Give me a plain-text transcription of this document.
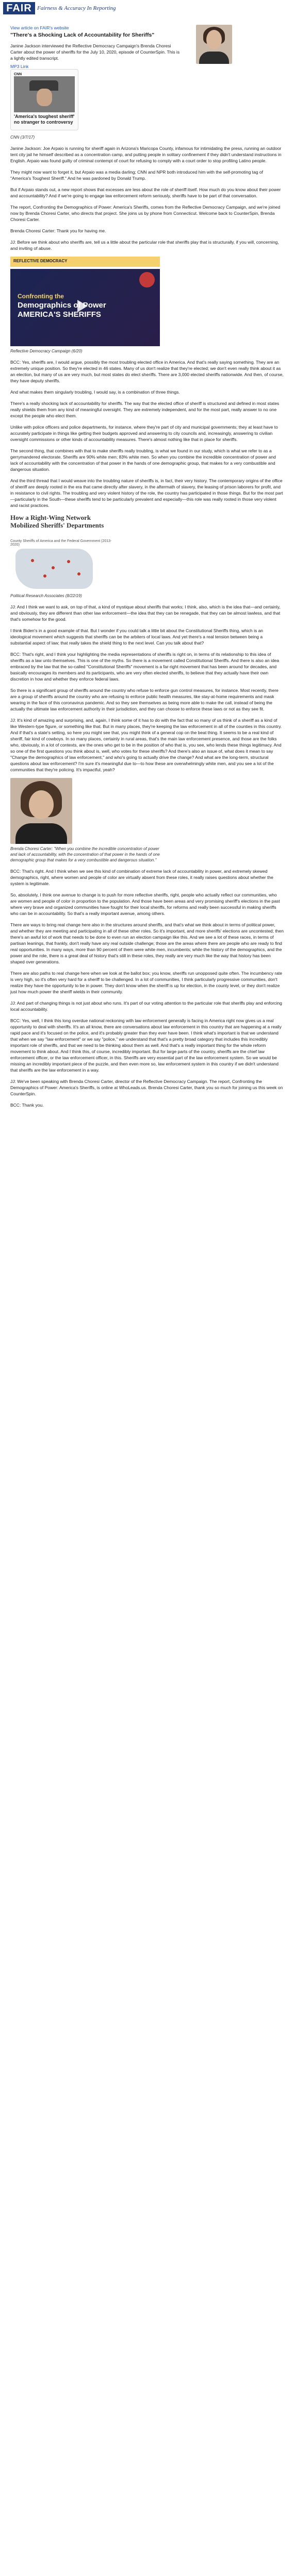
FAIR Fairness & Accuracy In Reporting
View article on FAIR's website
"There's a Shocking Lack of Accountability for Sheriffs"
Janine Jackson interviewed the Reflective Democracy Campaign's Brenda Choresi Carter about the power of sheriffs for the July 10, 2020, episode of CounterSpin. This is a lightly edited transcript.
MP3 Link
CNN
'America's toughest sheriff' no stranger to controversy
CNN (3/7/17)

Janine Jackson: Joe Arpaio is running for sheriff again in Arizona's Maricopa County, infamous for intimidating the press, running an outdoor tent city jail he himself described as a concentration camp, and putting people in solitary confinement if they didn't understand instructions in English. Arpaio was found guilty of criminal contempt of court for refusing to comply with a court order to stop profiling Latino people.

They might now want to forget it, but Arpaio was a media darling; CNN and NPR both introduced him with the self-promoting tag of "America's Toughest Sheriff." And he was pardoned by Donald Trump.

But if Arpaio stands out, a new report shows that excesses are less about the role of sheriff itself. How much do you know about their power and accountability? And if we're going to engage law enforcement reform seriously, sheriffs have to be part of that conversation.

The report, Confronting the Demographics of Power: America's Sheriffs, comes from the Reflective Democracy Campaign, and we're joined now by Brenda Choresi Carter, who directs that project. She joins us by phone from Connecticut. Welcome back to CounterSpin, Brenda Choresi Carter.

Brenda Choresi Carter: Thank you for having me.

JJ: Before we think about who sheriffs are, tell us a little about the particular role that sheriffs play that is structurally, if you will, concerning, and inviting of abuse.

REFLECTIVE DEMOCRACY
Confronting the
Demographics of Power
AMERICA'S SHERIFFS
Reflective Democracy Campaign (6/20)

BCC: Yes, sheriffs are, I would argue, possibly the most troubling elected office in America. And that's really saying something. They are an extremely unique position. So they're elected in 46 states. Many of us don't realize that they're elected; we don't even really think about it as an election, but many of us are very much, but most states do elect sheriffs. There are 3,000 elected sheriffs nationwide. And then, of course, they have deputy sheriffs.

And what makes them singularly troubling, I would say, is a combination of three things.

There's a really shocking lack of accountability for sheriffs. The way that the elected office of sheriff is structured and defined in most states really shields them from any kind of meaningful oversight. They are extremely independent, and for the most part, really answer to no one except the people who elect them.

Unlike with police officers and police departments, for instance, where they're part of city and municipal governments; they at least have to accurately participate in things like getting their budgets approved and answering to city councils and, increasingly, answering to civilian oversight commissions or other kinds of accountability measures. There's almost nothing like that in place for sheriffs.

The second thing, that combines with that to make sheriffs really troubling, is what we found in our study, which is what we refer to as a gerrymandered electorate. Sheriffs are 90% white men; 83% white men. So when you combine the incredible concentration of power and lack of accountability with the concentration of that power in the hands of one demographic group, that makes for a very combustible and dangerous situation.

And the third thread that I would weave into the troubling nature of sheriffs is, in fact, their very history. The contemporary origins of the office of sheriff are deeply rooted in the era that came directly after slavery, in the aftermath of slavery, the leasing of prison laborers for profit, and in resistance to civil rights. The troubling and very violent history of the role, the country has participated in those things. But for the most part—particularly in the South—these sheriffs tend to be particularly prevalent and especially—this role was really rooted in those very violent and racist practices.

How a Right-Wing Network Mobilized Sheriffs' Departments
County Sheriffs of America and the Federal Government (2013-2020)
Political Research Associates (8/22/19)

JJ: And I think we want to ask, on top of that, a kind of mystique about sheriffs that works; I think, also, which is the idea that—and certainly, and obviously, they are different than other law enforcement—the idea that they can be renegade, that they can be almost lawless, and that that's somehow for the good.

I think Biden's in a good example of that. But I wonder if you could talk a little bit about the Constitutional Sheriffs thing, which is an ideological movement which suggests that sheriffs can be the arbiters of local laws. And yet there's a real tension between being a substantial aspect of law; that really takes the shield thing to the next level. Can you talk about that?

BCC: That's right, and I think your highlighting the media representations of sheriffs is right on, in terms of its relationship to this idea of sheriffs as a law unto themselves. This is one of the myths. So there is a movement called Constitutional Sheriffs. And there is also an idea embraced by the law that the so-called "Constitutional Sheriffs" movement is a far-right movement that has been around for decades, and basically encourages its members and its participants, who are very often elected sheriffs, to believe that they actually have their own discretion in how and whether they enforce federal laws.

So there is a significant group of sheriffs around the country who refuse to enforce gun control measures, for instance. Most recently, there are a group of sheriffs around the country who are refusing to enforce public health measures, like stay-at-home requirements and mask wearing in the face of this coronavirus pandemic. And so they see themselves as being more able to make the call, instead of being the actually the ultimate law enforcement authority in their jurisdiction, and they can choose to enforce these laws or not as they see fit.

JJ: It's kind of amazing and surprising, and, again, I think some of it has to do with the fact that so many of us think of a sheriff as a kind of like Western-type figure, or something like that. But in many places, they're keeping the law enforcement in all of the counties in this country. And if that's a state's setting, so here you might see that, you might think of a general cop on the beat thing. It seems to be a real kind of sheriff, fair kind of cowboys. In so many places, certainly in rural areas, that's the main law enforcement presence, and those are the folks who, obviously, in a lot of contexts, are the ones who get to be in the position of who that is, you see, who lends these things legitimacy. And so one of the first questions you think about is, well, who votes for these sheriffs? And there's also an issue of, what does it mean to say "Change the demographics of law enforcement," and who's going to actually drive the change? And what are the long-term, structural questions about law enforcement? I'm sure it's meaningful due to—to how these are overwhelmingly white men, and you see a lot of the communities that they're policing. It's impactful, yeah?

Brenda Choresi Carter: "When you combine the incredible concentration of power and lack of accountability, with the concentration of that power in the hands of one demographic group that makes for a very combustible and dangerous situation."

BCC: That's right. And I think when we see this kind of combination of extreme lack of accountability in power, and extremely skewed demographics, right, where women and people of color are virtually absent from these roles, it really raises questions about whether the system is legitimate.

So, absolutely, I think one avenue to change is to push for more reflective sheriffs, right, people who actually reflect our communities, who are women and people of color in proportion to the population. And those have been areas and very promising sheriff's elections in the past where very brave and organized communities have fought for their local sheriffs, for reforms and really been successful in making sheriffs who can be in accountability. So that's a really important avenue, among others.

There are ways to bring real change here also in the structures around sheriffs, and that's what we think about in terms of political power, and whether they are meeting and participating in all of these other roles. So it's important, and more sheriffs' elections are uncontested; then there's an awful lot of work that needs to be done to even run an election campaign like this. And we see a lot of these races, in terms of partisan leanings, that frankly, don't really have any real outside challenge; those are the areas where there are people who are ready to find real opportunities. In many ways, more than 90 percent of them were white men, incumbents; while the history of the demographics, and the power and the role, there is a great deal of history that's still in these roles, they really are very much like the way that history has been shaped over generations.

There are also paths to real change here when we look at the ballot box; you know, sheriffs run unopposed quite often. The incumbency rate is very high, so it's often very hard for a sheriff to be challenged. In a lot of communities, I think particularly progressive communities, don't realize they have the opportunity to be in power. They don't know when the sheriff is up for election, in the county level, or they don't realize just how much power the sheriff wields in their community.

JJ: And part of changing things is not just about who runs. It's part of our voting attention to the particular role that sheriffs play and enforcing local accountability.

BCC: Yes, well, I think this long overdue national reckoning with law enforcement generally is facing in America right now gives us a real opportunity to deal with sheriffs. It's an all know, there are conversations about law enforcement in this country that are happening at a really rapid pace and it's focused on the police, and it's probably greater than they ever have been. I think what's important is that we understand that when we say "law enforcement" or we say "police," we understand that that's a pretty broad category that includes this incredibly important role of sheriffs, and that we need to be thinking about them as well. And that's a really important thing for the whole reform movement to think about. And I think this, of course, incredibly important. But for large parts of the country, sheriffs are the chief law enforcement officer, or the law enforcement officer, in this. Sheriffs are very essential part of the law enforcement system. So we would be missing an incredibly important piece of the puzzle, and then even more so, law enforcement system in this country if we didn't understand that sheriffs are the law enforcement in a way.

JJ: We've been speaking with Brenda Choresi Carter, director of the Reflective Democracy Campaign. The report, Confronting the Demographics of Power: America's Sheriffs, is online at WhoLeads.us. Brenda Choresi Carter, thank you so much for joining us this week on CounterSpin.

BCC: Thank you.
